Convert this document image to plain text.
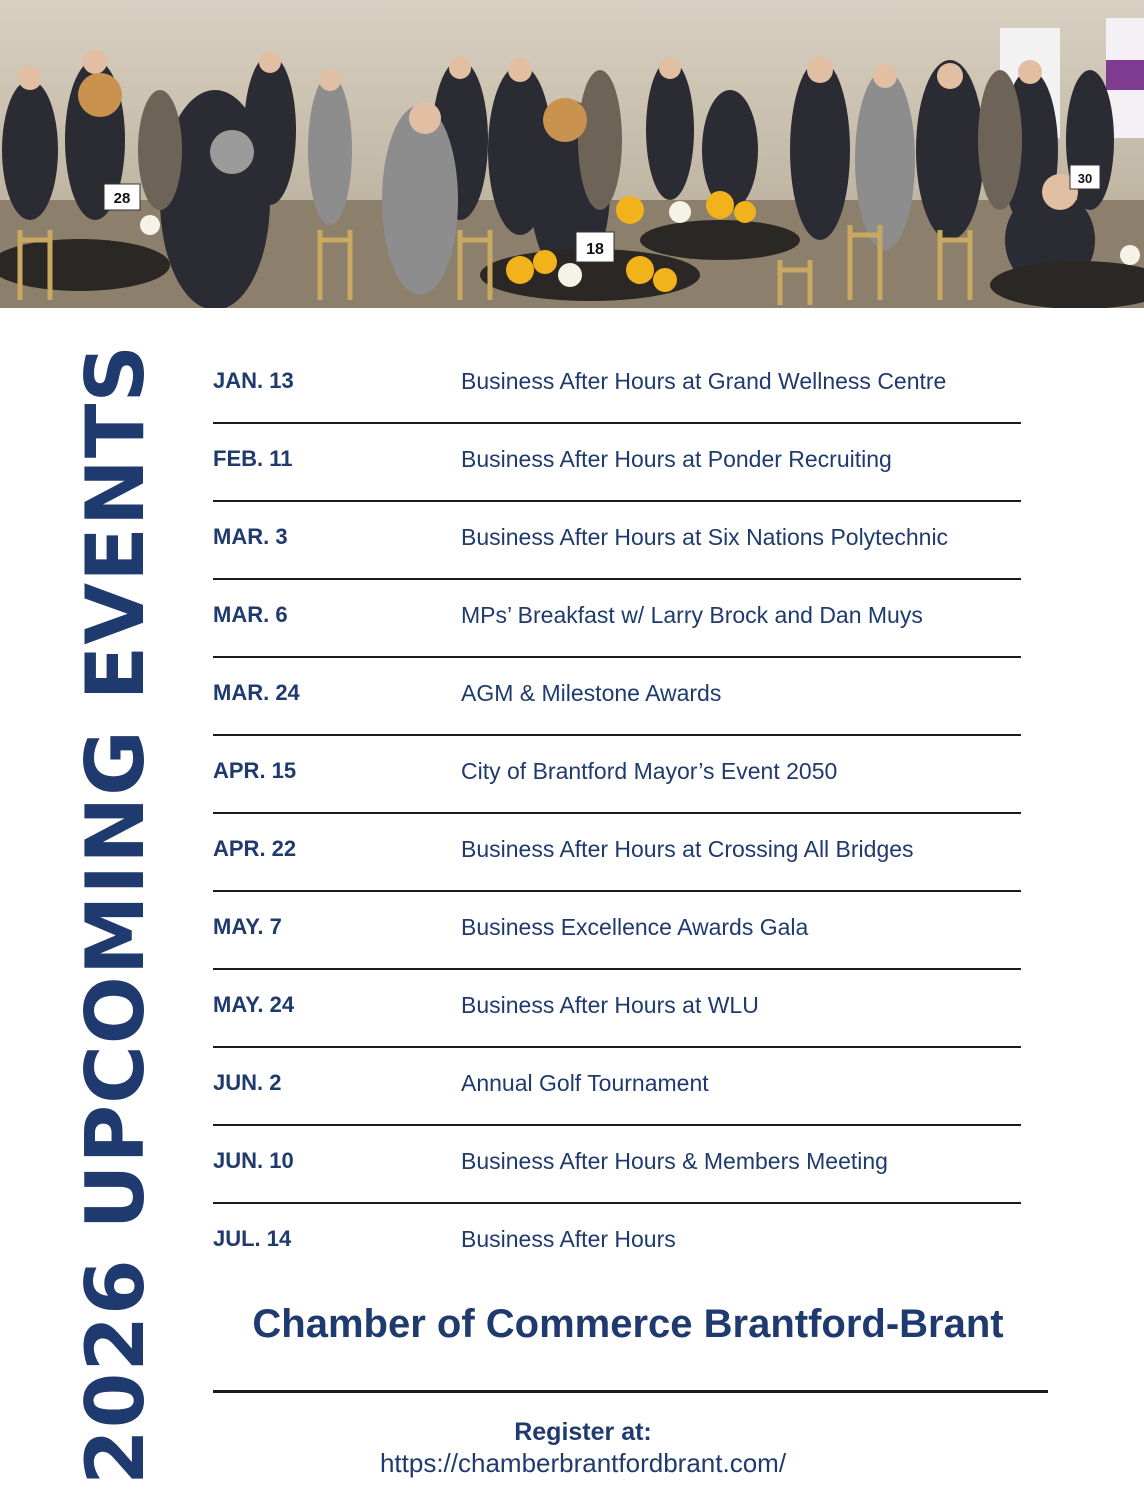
28
18
30
2026 UPCOMING EVENTS JAN. 13	Business After Hours at Grand Wellness Centre
FEB. 11	Business After Hours at Ponder Recruiting
MAR. 3	Business After Hours at Six Nations Polytechnic
MAR. 6	MPs’ Breakfast w/ Larry Brock and Dan Muys
MAR. 24	AGM & Milestone Awards
APR. 15	City of Brantford Mayor’s Event 2050
APR. 22	Business After Hours at Crossing All Bridges
MAY. 7	Business Excellence Awards Gala
MAY. 24	Business After Hours at WLU
JUN. 2	Annual Golf Tournament
JUN. 10	Business After Hours & Members Meeting
JUL. 14	Business After Hours
Chamber of Commerce Brantford-Brant
Register at:
https://chamberbrantfordbrant.com/
